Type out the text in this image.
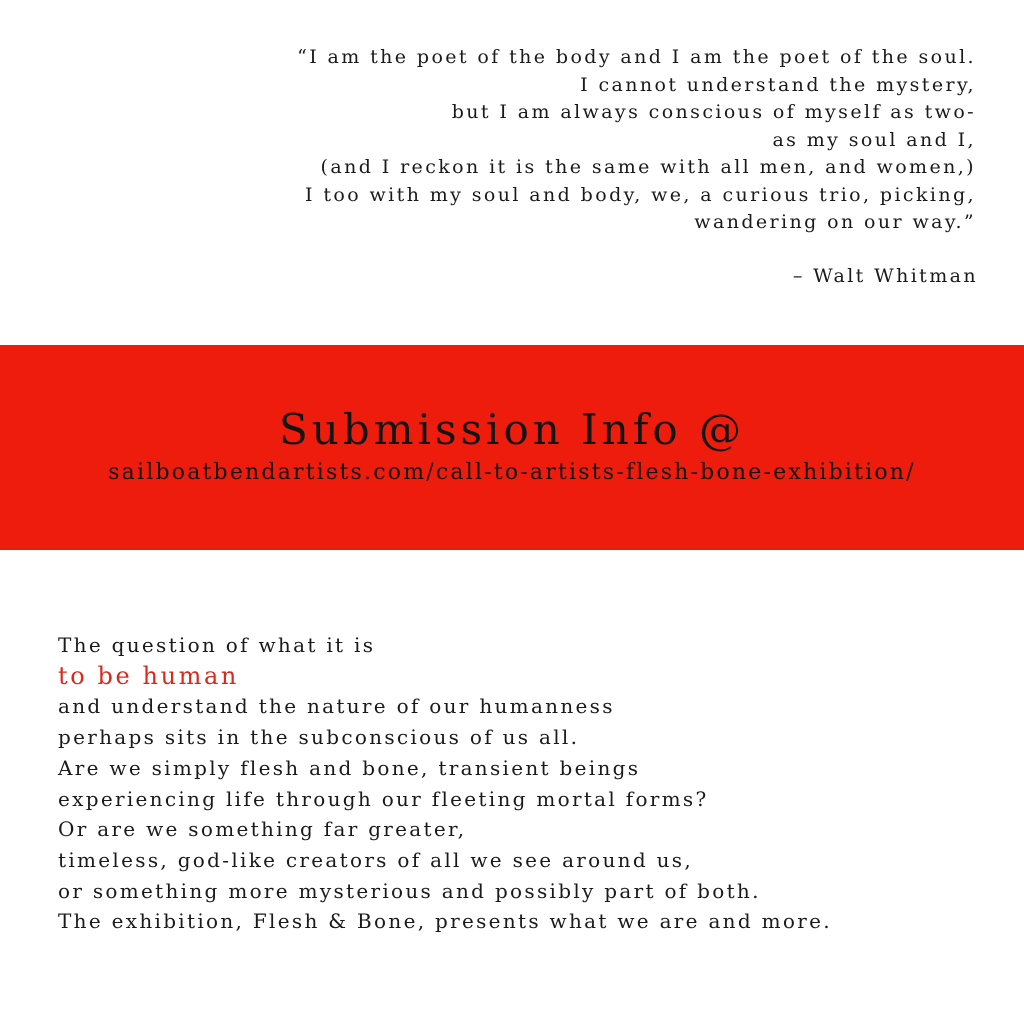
“I am the poet of the body and I am the poet of the soul.
I cannot understand the mystery,
but I am always conscious of myself as two-
as my soul and I,
(and I reckon it is the same with all men, and women,)
I too with my soul and body, we, a curious trio, picking,
wandering on our way.”
– Walt Whitman
Submission Info @
sailboatbendartists.com/call-to-artists-flesh-bone-exhibition/
The question of what it is
to be human
and understand the nature of our humanness
perhaps sits in the subconscious of us all.
Are we simply flesh and bone, transient beings
experiencing life through our fleeting mortal forms?
Or are we something far greater,
timeless, god-like creators of all we see around us,
or something more mysterious and possibly part of both.
The exhibition, Flesh & Bone, presents what we are and more.
